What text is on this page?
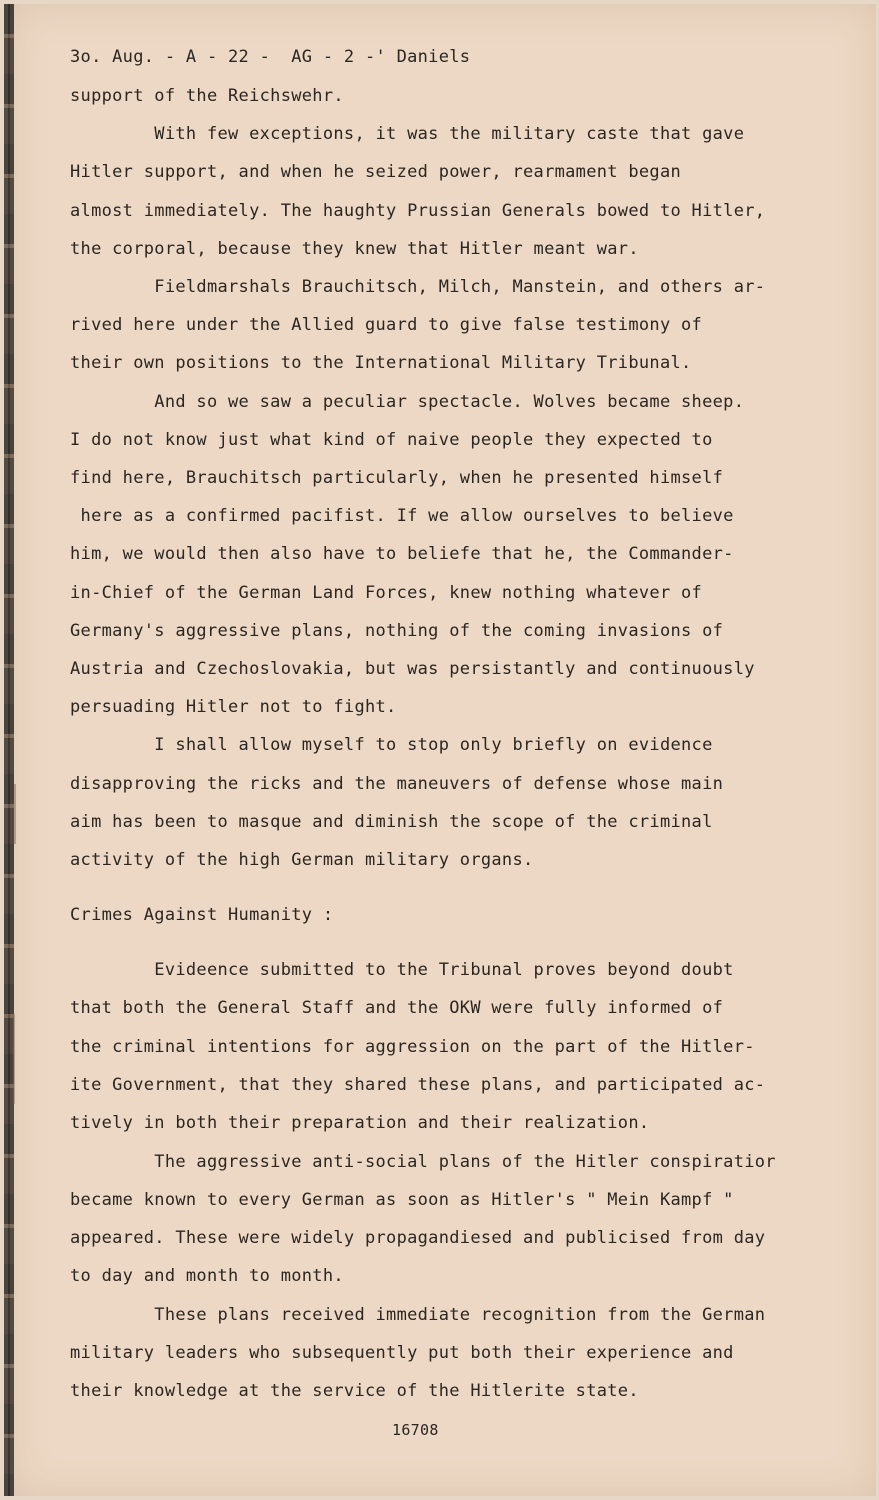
3o. Aug. - A - 22 -  AG - 2 -' Daniels

support of the Reichswehr.

With few exceptions, it was the military caste that gave

Hitler support, and when he seized power, rearmament began

almost immediately. The haughty Prussian Generals bowed to Hitler,

the corporal, because they knew that Hitler meant war.

Fieldmarshals Brauchitsch, Milch, Manstein, and others ar-

rived here under the Allied guard to give false testimony of

their own positions to the International Military Tribunal.

And so we saw a peculiar spectacle. Wolves became sheep.

I do not know just what kind of naive people they expected to

find here, Brauchitsch particularly, when he presented himself

here as a confirmed pacifist. If we allow ourselves to believe

him, we would then also have to beliefe that he, the Commander-

in-Chief of the German Land Forces, knew nothing whatever of

Germany's aggressive plans, nothing of the coming invasions of

Austria and Czechoslovakia, but was persistantly and continuously

persuading Hitler not to fight.

I shall allow myself to stop only briefly on evidence

disapproving the ricks and the maneuvers of defense whose main

aim has been to masque and diminish the scope of the criminal

activity of the high German military organs.

Crimes Against Humanity :

Evideence submitted to the Tribunal proves beyond doubt

that both the General Staff and the OKW were fully informed of

the criminal intentions for aggression on the part of the Hitler-

ite Government, that they shared these plans, and participated ac-

tively in both their preparation and their realization.

The aggressive anti-social plans of the Hitler conspiratior

became known to every German as soon as Hitler's " Mein Kampf "

appeared. These were widely propagandiesed and publicised from day

to day and month to month.

These plans received immediate recognition from the German

military leaders who subsequently put both their experience and

their knowledge at the service of the Hitlerite state.

16708
